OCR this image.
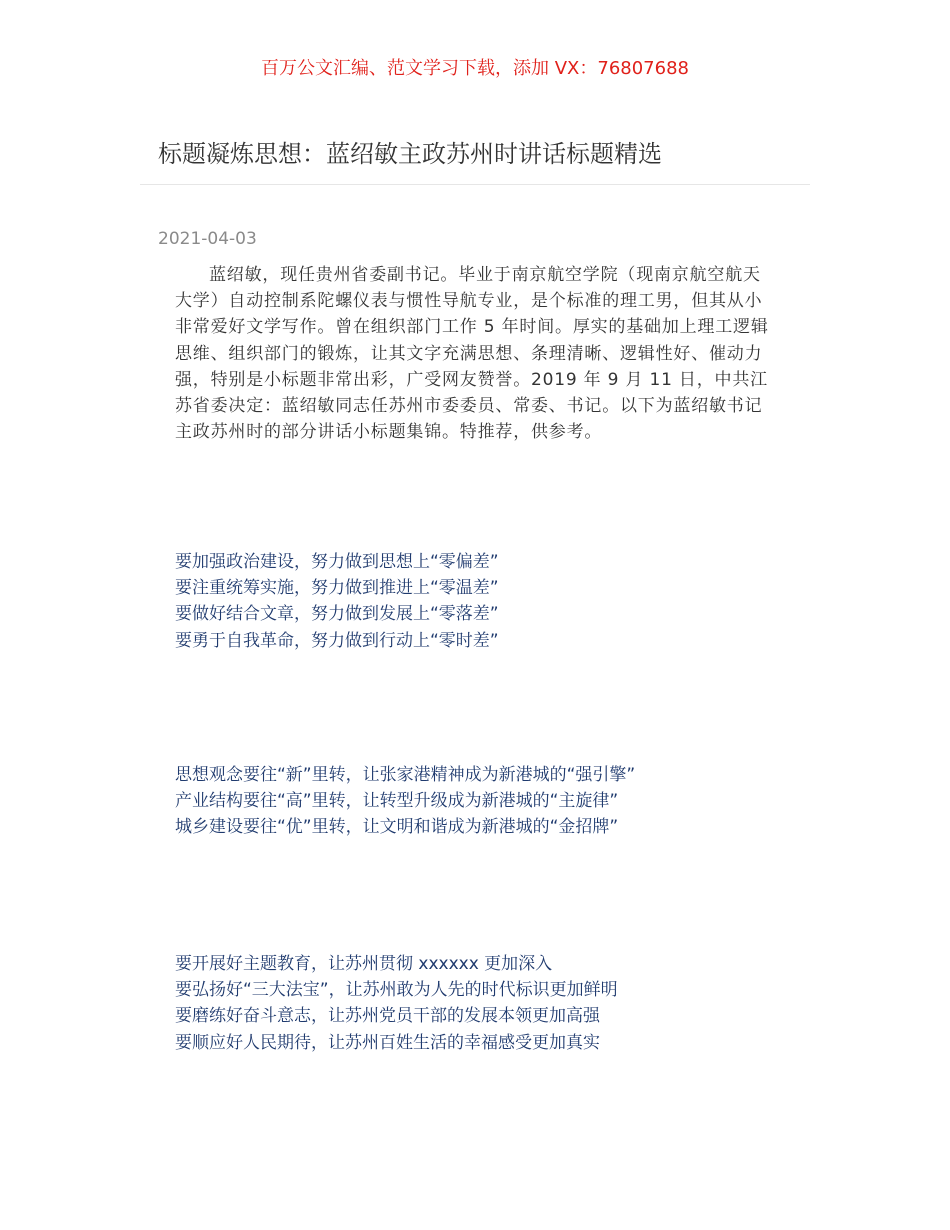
百万公文汇编、范文学习下载，添加 VX：76807688
标题凝炼思想：蓝绍敏主政苏州时讲话标题精选
2021-04-03

蓝绍敏，现任贵州省委副书记。毕业于南京航空学院（现南京航空航天大学）自动控制系陀螺仪表与惯性导航专业，是个标准的理工男，但其从小非常爱好文学写作。曾在组织部门工作 5 年时间。厚实的基础加上理工逻辑思维、组织部门的锻炼，让其文字充满思想、条理清晰、逻辑性好、催动力强，特别是小标题非常出彩，广受网友赞誉。2019 年 9 月 11 日，中共江苏省委决定：蓝绍敏同志任苏州市委委员、常委、书记。以下为蓝绍敏书记主政苏州时的部分讲话小标题集锦。特推荐，供参考。

要加强政治建设，努力做到思想上“零偏差”
要注重统筹实施，努力做到推进上“零温差”
要做好结合文章，努力做到发展上“零落差”
要勇于自我革命，努力做到行动上“零时差”
思想观念要往“新”里转，让张家港精神成为新港城的“强引擎”
产业结构要往“高”里转，让转型升级成为新港城的“主旋律”
城乡建设要往“优”里转，让文明和谐成为新港城的“金招牌”
要开展好主题教育，让苏州贯彻 xxxxxx 更加深入
要弘扬好“三大法宝”，让苏州敢为人先的时代标识更加鲜明
要磨练好奋斗意志，让苏州党员干部的发展本领更加高强
要顺应好人民期待，让苏州百姓生活的幸福感受更加真实
